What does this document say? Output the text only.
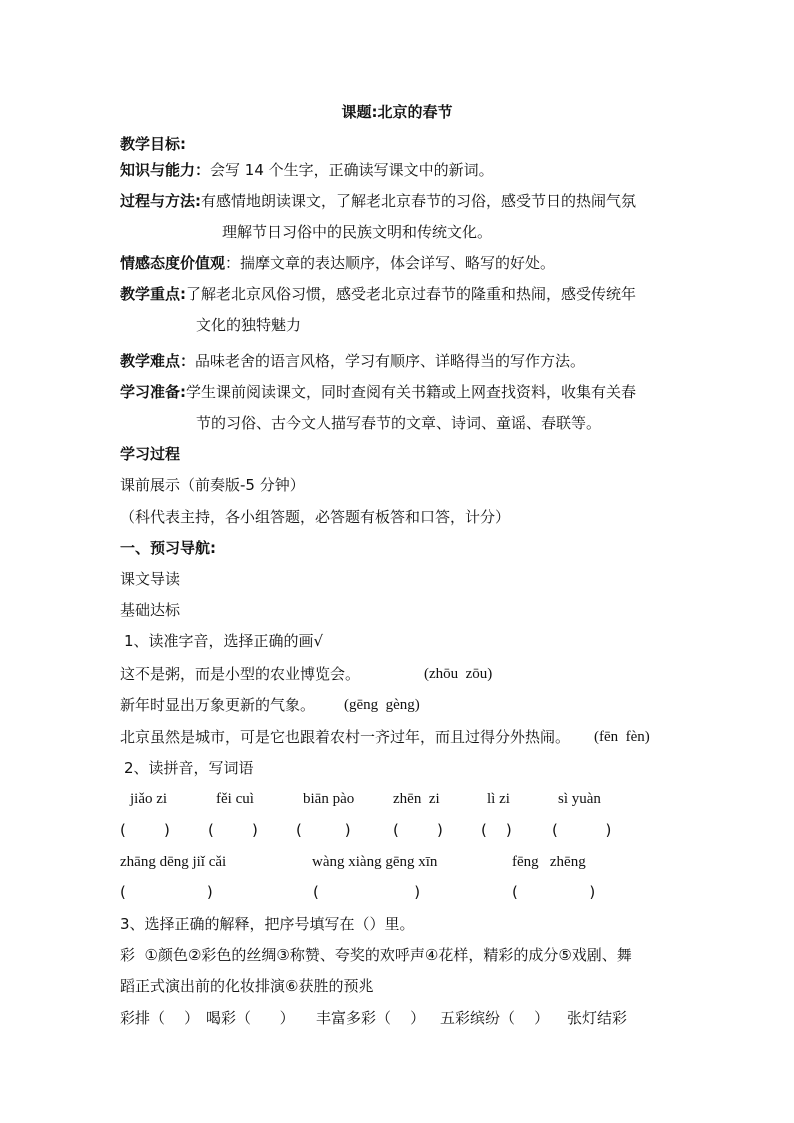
课题:北京的春节
教学目标:
知识与能力：会写 14 个生字，正确读写课文中的新词。
过程与方法:有感情地朗读课文，了解老北京春节的习俗，感受节日的热闹气氛
理解节日习俗中的民族文明和传统文化。
情感态度价值观：揣摩文章的表达顺序，体会详写、略写的好处。
教学重点:了解老北京风俗习惯，感受老北京过春节的隆重和热闹，感受传统年
文化的独特魅力
教学难点：品味老舍的语言风格，学习有顺序、详略得当的写作方法。
学习准备:学生课前阅读课文，同时查阅有关书籍或上网查找资料，收集有关春
节的习俗、古今文人描写春节的文章、诗词、童谣、春联等。
学习过程
课前展示（前奏版-5 分钟）
（科代表主持，各小组答题，必答题有板答和口答，计分）
一、预习导航:
课文导读
基础达标
1、读准字音，选择正确的画√
这不是粥，而是小型的农业博览会。	(zhōu  zōu)
新年时显出万象更新的气象。 (gēng  gèng)
北京虽然是城市，可是它也跟着农村一齐过年，而且过得分外热闹。 (fēn  fèn)
2、读拼音，写词语
jiǎo zi	fěi cuì	biān pào	zhēn  zi	lì zi	sì yuàn
(        )	(        )	(         )	(        )	(    )	(          )
zhāng dēng jiǐ cǎi	wàng xiàng gēng xīn	fēng   zhēng
(                 )	(                    )	(               )
3、选择正确的解释，把序号填写在（）里。
彩  ①颜色②彩色的丝绸③称赞、夸奖的欢呼声④花样，精彩的成分⑤戏剧、舞
蹈正式演出前的化妆排演⑥获胜的预兆
彩排（    ） 喝彩（      ） 丰富多彩（    ） 五彩缤纷（    ） 张灯结彩
